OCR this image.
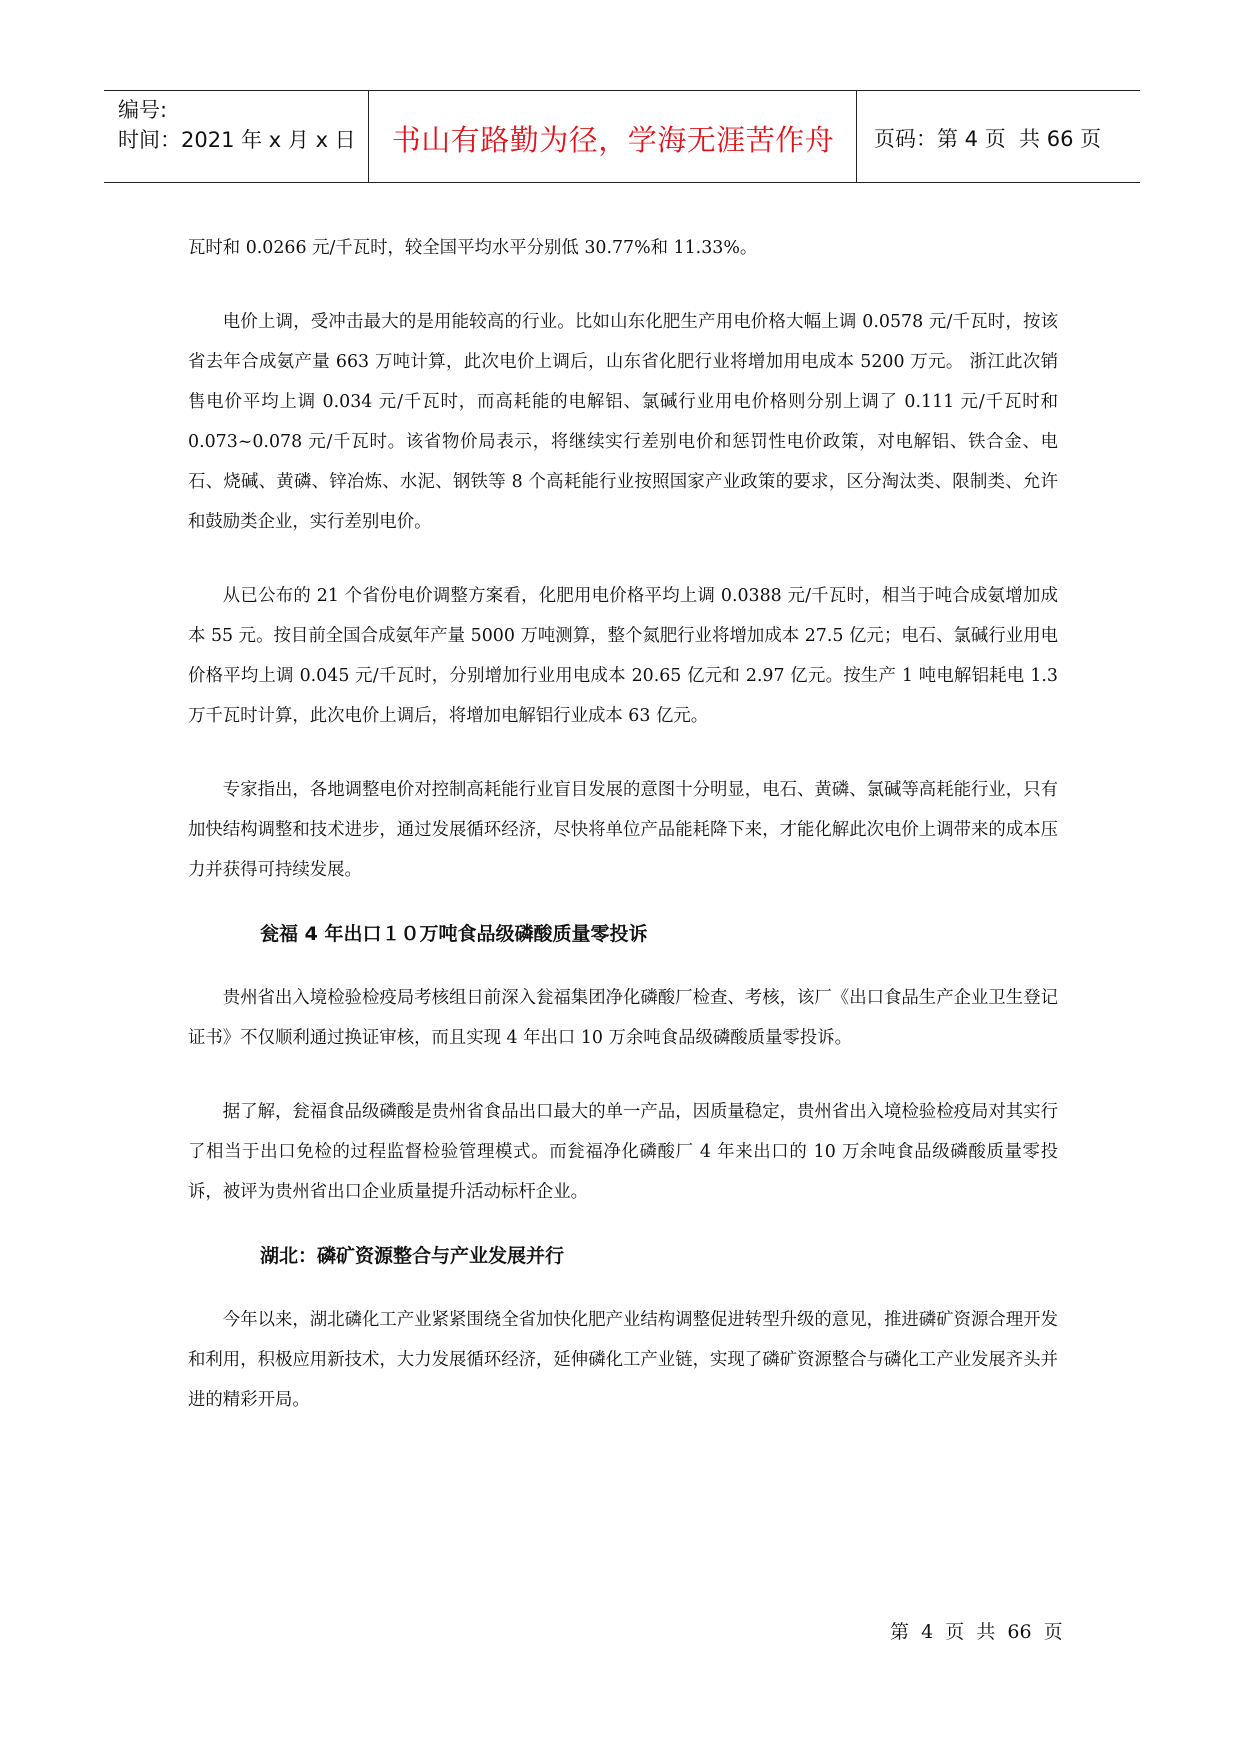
编号:
时间：2021 年 x 月 x 日	书山有路勤为径，学海无涯苦作舟	页码：第 4 页  共 66 页

瓦时和 0.0266 元/千瓦时，较全国平均水平分别低 30.77%和 11.33%。

电价上调，受冲击最大的是用能较高的行业。比如山东化肥生产用电价格大幅上调 0.0578 元/千瓦时，按该省去年合成氨产量 663 万吨计算，此次电价上调后，山东省化肥行业将增加用电成本 5200 万元。 浙江此次销售电价平均上调 0.034 元/千瓦时，而高耗能的电解铝、氯碱行业用电价格则分别上调了 0.111 元/千瓦时和 0.073~0.078 元/千瓦时。该省物价局表示，将继续实行差别电价和惩罚性电价政策，对电解铝、铁合金、电石、烧碱、黄磷、锌冶炼、水泥、钢铁等 8 个高耗能行业按照国家产业政策的要求，区分淘汰类、限制类、允许和鼓励类企业，实行差别电价。

从已公布的 21 个省份电价调整方案看，化肥用电价格平均上调 0.0388 元/千瓦时，相当于吨合成氨增加成本 55 元。按目前全国合成氨年产量 5000 万吨测算，整个氮肥行业将增加成本 27.5 亿元；电石、氯碱行业用电价格平均上调 0.045 元/千瓦时，分别增加行业用电成本 20.65 亿元和 2.97 亿元。按生产 1 吨电解铝耗电 1.3 万千瓦时计算，此次电价上调后，将增加电解铝行业成本 63 亿元。

专家指出，各地调整电价对控制高耗能行业盲目发展的意图十分明显，电石、黄磷、氯碱等高耗能行业，只有加快结构调整和技术进步，通过发展循环经济，尽快将单位产品能耗降下来，才能化解此次电价上调带来的成本压力并获得可持续发展。

瓮福 4 年出口１０万吨食品级磷酸质量零投诉

贵州省出入境检验检疫局考核组日前深入瓮福集团净化磷酸厂检查、考核，该厂《出口食品生产企业卫生登记证书》不仅顺利通过换证审核，而且实现 4 年出口 10 万余吨食品级磷酸质量零投诉。

据了解，瓮福食品级磷酸是贵州省食品出口最大的单一产品，因质量稳定，贵州省出入境检验检疫局对其实行了相当于出口免检的过程监督检验管理模式。而瓮福净化磷酸厂 4 年来出口的 10 万余吨食品级磷酸质量零投诉，被评为贵州省出口企业质量提升活动标杆企业。

湖北：磷矿资源整合与产业发展并行

今年以来，湖北磷化工产业紧紧围绕全省加快化肥产业结构调整促进转型升级的意见，推进磷矿资源合理开发和利用，积极应用新技术，大力发展循环经济，延伸磷化工产业链，实现了磷矿资源整合与磷化工产业发展齐头并进的精彩开局。

第  4  页  共  66  页
